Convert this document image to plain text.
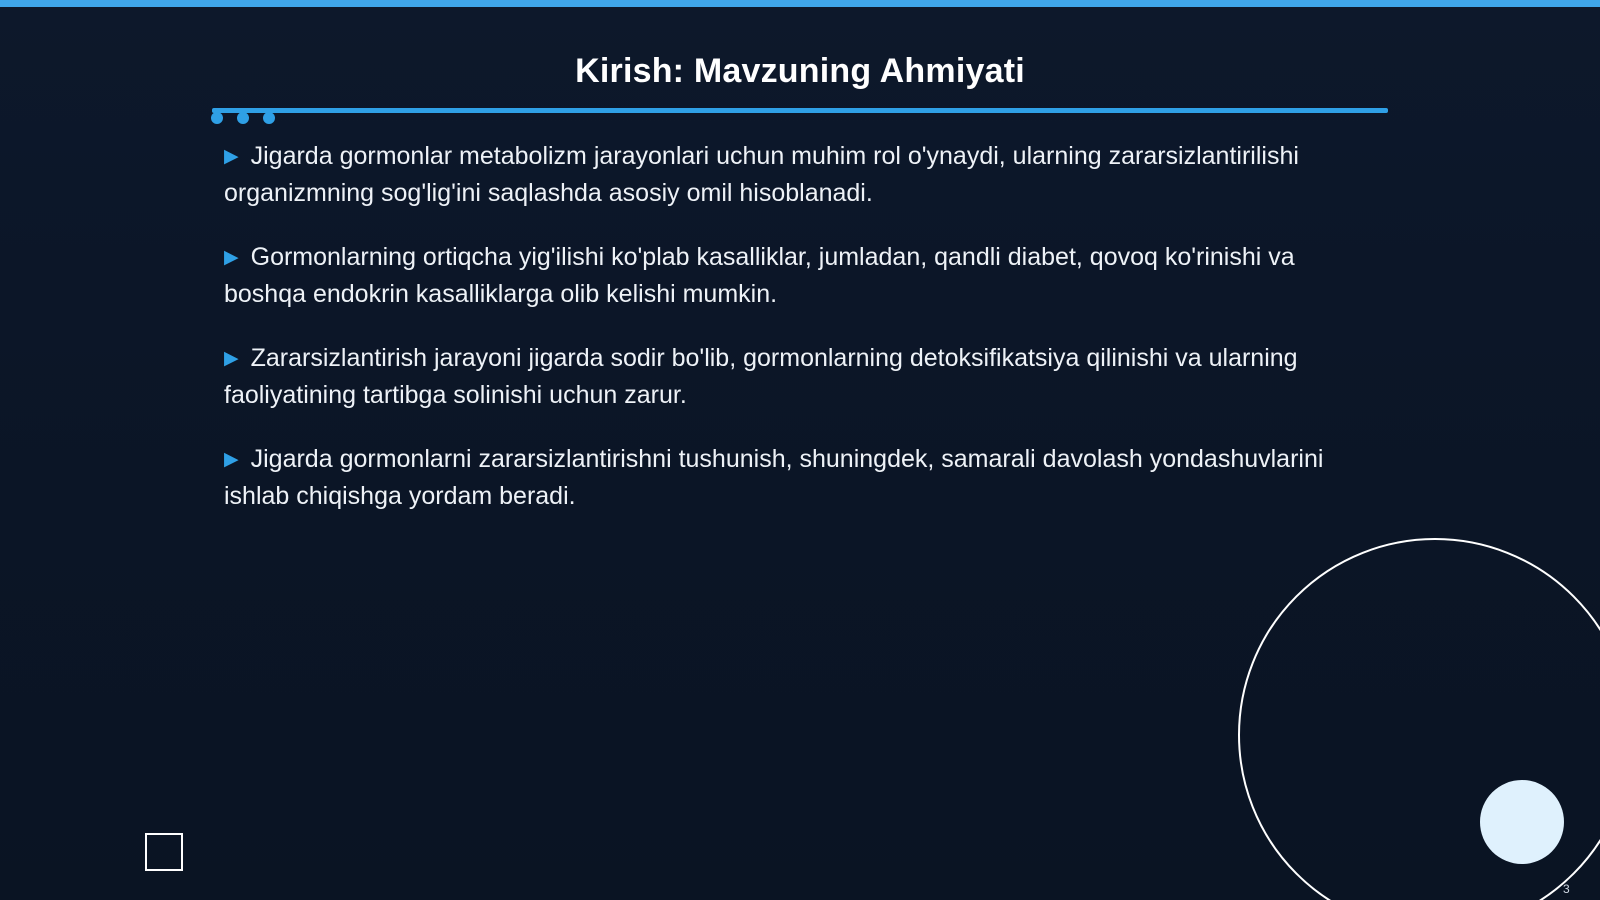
Kirish: Mavzuning Ahmiyati
▶ Jigarda gormonlar metabolizm jarayonlari uchun muhim rol o'ynaydi, ularning zararsizlantirilishi organizmning sog'lig'ini saqlashda asosiy omil hisoblanadi.
▶ Gormonlarning ortiqcha yig'ilishi ko'plab kasalliklar, jumladan, qandli diabet, qovoq ko'rinishi va boshqa endokrin kasalliklarga olib kelishi mumkin.
▶ Zararsizlantirish jarayoni jigarda sodir bo'lib, gormonlarning detoksifikatsiya qilinishi va ularning faoliyatining tartibga solinishi uchun zarur.
▶ Jigarda gormonlarni zararsizlantirishni tushunish, shuningdek, samarali davolash yondashuvlarini ishlab chiqishga yordam beradi.
3
